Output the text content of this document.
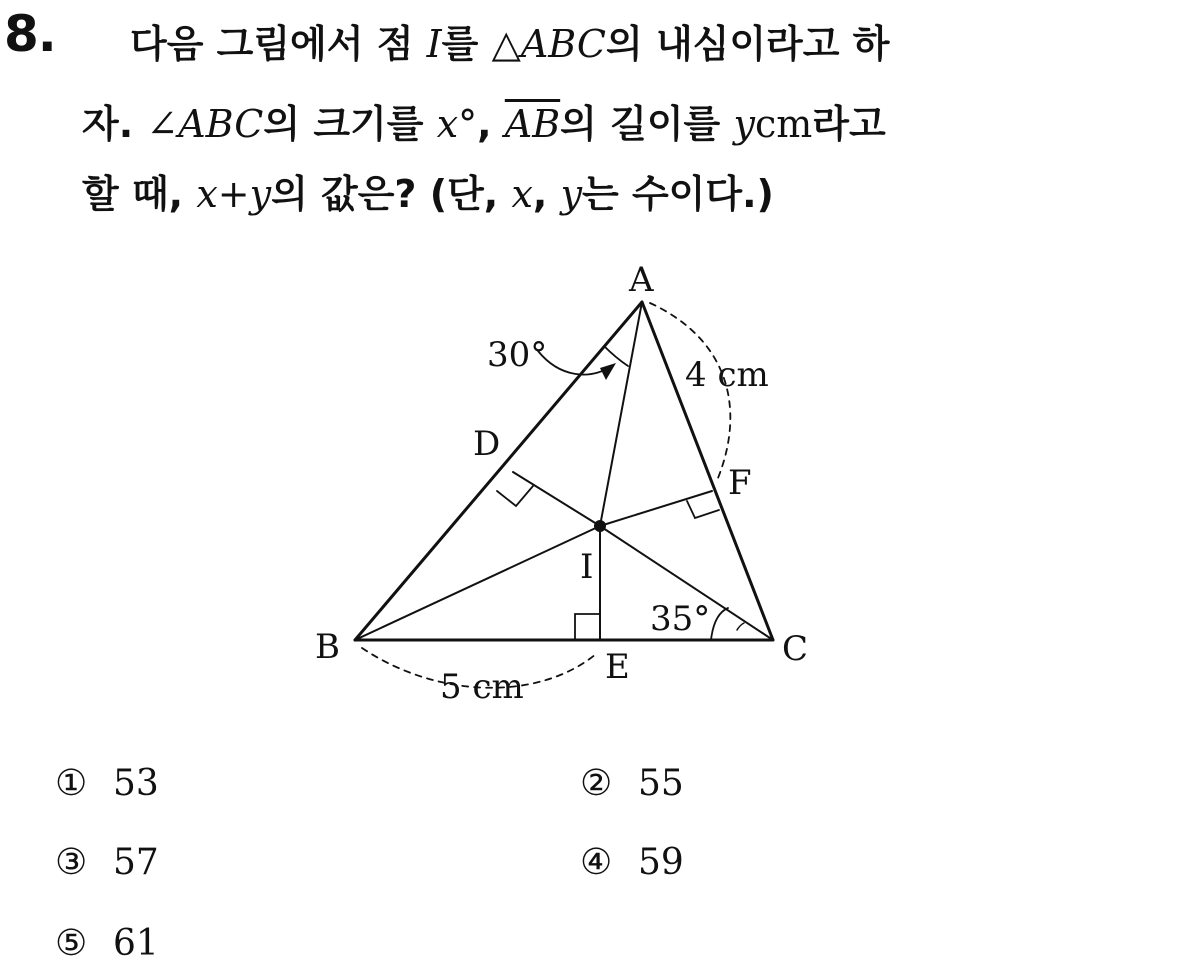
8. 다음 그림에서 점 I를 △ABC의 내심이라고 하
자. ∠ABC의 크기를 x°, $\overline{AB}$의 길이를 ycm라고
할 때, x+y의 값은? (단, x, y는 수이다.)
A
B	C
D
E
F
I
30°
35°
4 cm
5 cm
① 53	② 55
③ 57	④ 59
⑤ 61
